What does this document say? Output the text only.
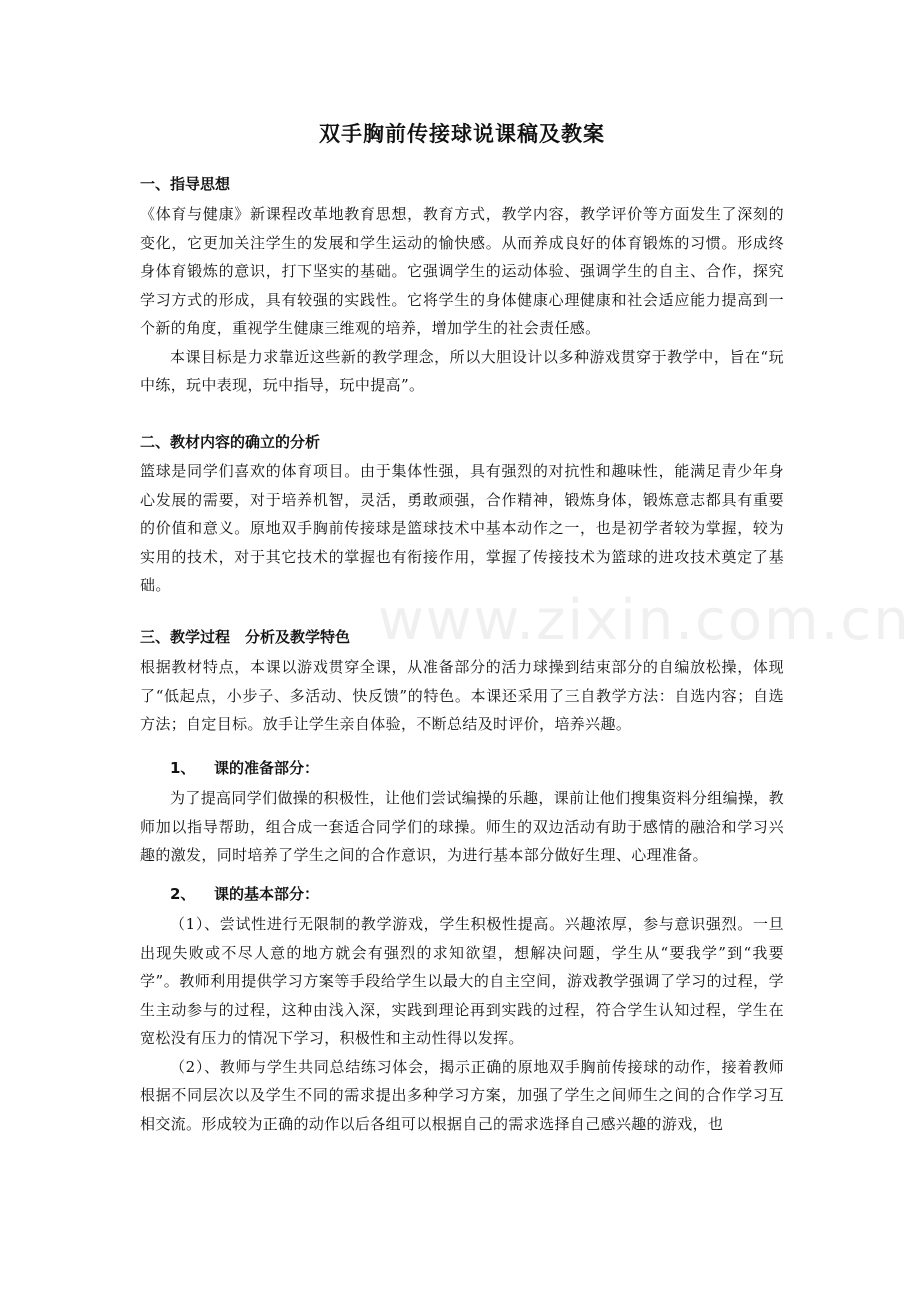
www.zixin.com.cn
双手胸前传接球说课稿及教案

一、指导思想

《体育与健康》新课程改革地教育思想，教育方式，教学内容，教学评价等方面发生了深刻的变化，它更加关注学生的发展和学生运动的愉快感。从而养成良好的体育锻炼的习惯。形成终身体育锻炼的意识，打下坚实的基础。它强调学生的运动体验、强调学生的自主、合作，探究学习方式的形成，具有较强的实践性。它将学生的身体健康心理健康和社会适应能力提高到一个新的角度，重视学生健康三维观的培养，增加学生的社会责任感。

本课目标是力求靠近这些新的教学理念，所以大胆设计以多种游戏贯穿于教学中，旨在“玩中练，玩中表现，玩中指导，玩中提高”。

二、教材内容的确立的分析

篮球是同学们喜欢的体育项目。由于集体性强，具有强烈的对抗性和趣味性，能满足青少年身心发展的需要，对于培养机智，灵活，勇敢顽强，合作精神，锻炼身体，锻炼意志都具有重要的价值和意义。原地双手胸前传接球是篮球技术中基本动作之一，也是初学者较为掌握，较为实用的技术，对于其它技术的掌握也有衔接作用，掌握了传接技术为篮球的进攻技术奠定了基础。

三、教学过程　分析及教学特色

根据教材特点，本课以游戏贯穿全课，从准备部分的活力球操到结束部分的自编放松操，体现了“低起点，小步子、多活动、快反馈”的特色。本课还采用了三自教学方法：自选内容；自选方法；自定目标。放手让学生亲自体验，不断总结及时评价，培养兴趣。

1、 课的准备部分：

为了提高同学们做操的积极性，让他们尝试编操的乐趣，课前让他们搜集资料分组编操，教师加以指导帮助，组合成一套适合同学们的球操。师生的双边活动有助于感情的融洽和学习兴趣的激发，同时培养了学生之间的合作意识，为进行基本部分做好生理、心理准备。

2、 课的基本部分：

（1）、尝试性进行无限制的教学游戏，学生积极性提高。兴趣浓厚，参与意识强烈。一旦出现失败或不尽人意的地方就会有强烈的求知欲望，想解决问题，学生从“要我学”到“我要学”。教师利用提供学习方案等手段给学生以最大的自主空间，游戏教学强调了学习的过程，学生主动参与的过程，这种由浅入深，实践到理论再到实践的过程，符合学生认知过程，学生在宽松没有压力的情况下学习，积极性和主动性得以发挥。

（2）、教师与学生共同总结练习体会，揭示正确的原地双手胸前传接球的动作，接着教师根据不同层次以及学生不同的需求提出多种学习方案，加强了学生之间师生之间的合作学习互相交流。形成较为正确的动作以后各组可以根据自己的需求选择自己感兴趣的游戏，也
